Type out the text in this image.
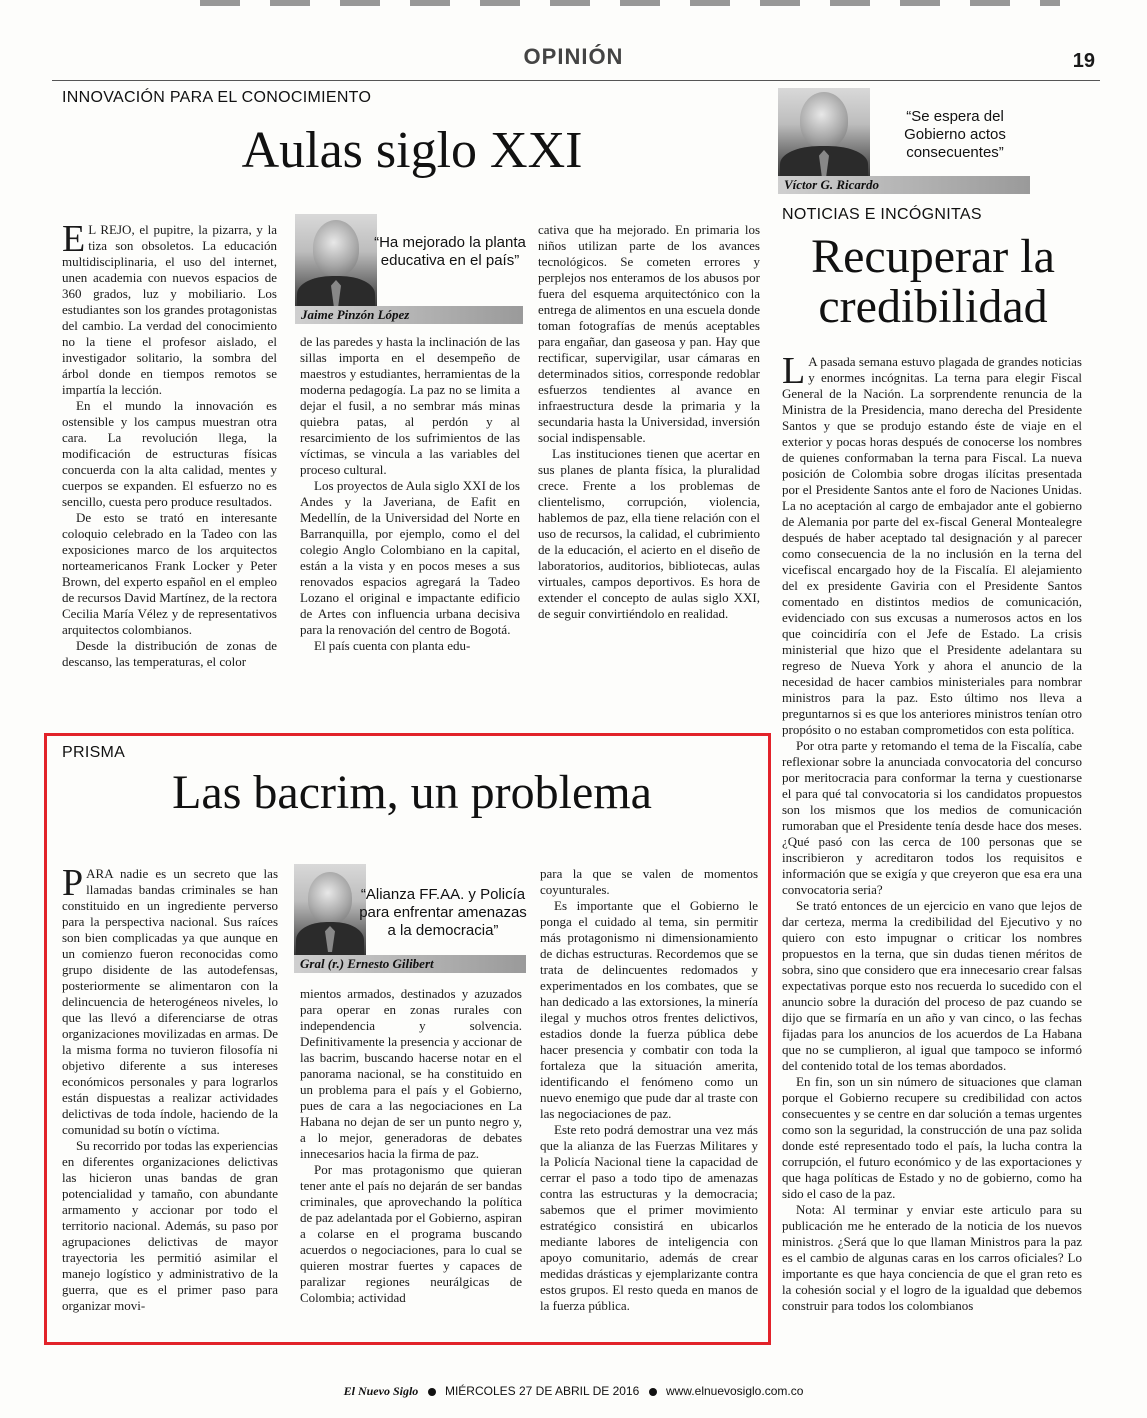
OPINIÓN	19
INNOVACIÓN PARA EL CONOCIMIENTO
Aulas siglo XXI

E L REJO, el pupitre, la pizarra, y la tiza son obsoletos. La educación multidisciplinaria, el uso del internet, unen academia con nuevos espacios de 360 grados, luz y mobiliario. Los estudiantes son los grandes protagonistas del cambio. La verdad del conocimiento no la tiene el profesor aislado, el investigador solitario, la sombra del árbol donde en tiempos remotos se impartía la lección.

En el mundo la innovación es ostensible y los campus muestran otra cara. La revolución llega, la modificación de estructuras físicas concuerda con la alta calidad, mentes y cuerpos se expanden. El esfuerzo no es sencillo, cuesta pero produce resultados.

De esto se trató en interesante coloquio celebrado en la Tadeo con las exposiciones marco de los arquitectos norteamericanos Frank Locker y Peter Brown, del experto español en el empleo de recursos David Martínez, de la rectora Cecilia María Vélez y de representativos arquitectos colombianos.

Desde la distribución de zonas de descanso, las temperaturas, el color

Jaime Pinzón López
“Ha mejorado la planta educativa en el país”

de las paredes y hasta la inclinación de las sillas importa en el desempeño de maestros y estudiantes, herramientas de la moderna pedagogía. La paz no se limita a dejar el fusil, a no sembrar más minas quiebra patas, al perdón y al resarcimiento de los sufrimientos de las víctimas, se vincula a las variables del proceso cultural.

Los proyectos de Aula siglo XXI de los Andes y la Javeriana, de Eafit en Medellín, de la Universidad del Norte en Barranquilla, por ejemplo, como el del colegio Anglo Colombiano en la capital, están a la vista y en pocos meses a sus renovados espacios agregará la Tadeo Lozano el original e impactante edificio de Artes con influencia urbana decisiva para la renovación del centro de Bogotá.

El país cuenta con planta edu-

cativa que ha mejorado. En primaria los niños utilizan parte de los avances tecnológicos. Se cometen errores y perplejos nos enteramos de los abusos por fuera del esquema arquitectónico con la entrega de alimentos en una escuela donde toman fotografías de menús aceptables para engañar, dan gaseosa y pan. Hay que rectificar, supervigilar, usar cámaras en determinados sitios, corresponde redoblar esfuerzos tendientes al avance en infraestructura desde la primaria y la secundaria hasta la Universidad, inversión social indispensable.

Las instituciones tienen que acertar en sus planes de planta física, la pluralidad crece. Frente a los problemas de clientelismo, corrupción, violencia, hablemos de paz, ella tiene relación con el uso de recursos, la calidad, el cubrimiento de la educación, el acierto en el diseño de laboratorios, auditorios, bibliotecas, aulas virtuales, campos deportivos. Es hora de extender el concepto de aulas siglo XXI, de seguir convirtiéndolo en realidad.

Víctor G. Ricardo
“Se espera del Gobierno actos consecuentes”
NOTICIAS E INCÓGNITAS
Recuperar la
credibilidad

L A pasada semana estuvo plagada de grandes noticias y enormes incógnitas. La terna para elegir Fiscal General de la Nación. La sorprendente renuncia de la Ministra de la Presidencia, mano derecha del Presidente Santos y que se produjo estando éste de viaje en el exterior y pocas horas después de conocerse los nombres de quienes conformaban la terna para Fiscal. La nueva posición de Colombia sobre drogas ilícitas presentada por el Presidente Santos ante el foro de Naciones Unidas. La no aceptación al cargo de embajador ante el gobierno de Alemania por parte del ex-fiscal General Montealegre después de haber aceptado tal designación y al parecer como consecuencia de la no inclusión en la terna del vicefiscal encargado hoy de la Fiscalía. El alejamiento del ex presidente Gaviria con el Presidente Santos comentado en distintos medios de comunicación, evidenciado con sus excusas a numerosos actos en los que coincidiría con el Jefe de Estado. La crisis ministerial que hizo que el Presidente adelantara su regreso de Nueva York y ahora el anuncio de la necesidad de hacer cambios ministeriales para nombrar ministros para la paz. Esto último nos lleva a preguntarnos si es que los anteriores ministros tenían otro propósito o no estaban comprometidos con esta política.

Por otra parte y retomando el tema de la Fiscalía, cabe reflexionar sobre la anunciada convocatoria del concurso por meritocracia para conformar la terna y cuestionarse el para qué tal convocatoria si los candidatos propuestos son los mismos que los medios de comunicación rumoraban que el Presidente tenía desde hace dos meses. ¿Qué pasó con las cerca de 100 personas que se inscribieron y acreditaron todos los requisitos e información que se exigía y que creyeron que esa era una convocatoria seria?

Se trató entonces de un ejercicio en vano que lejos de dar certeza, merma la credibilidad del Ejecutivo y no quiero con esto impugnar o criticar los nombres propuestos en la terna, que sin dudas tienen méritos de sobra, sino que considero que era innecesario crear falsas expectativas porque esto nos recuerda lo sucedido con el anuncio sobre la duración del proceso de paz cuando se dijo que se firmaría en un año y van cinco, o las fechas fijadas para los anuncios de los acuerdos de La Habana que no se cumplieron, al igual que tampoco se informó del contenido total de los temas abordados.

En fin, son un sin número de situaciones que claman porque el Gobierno recupere su credibilidad con actos consecuentes y se centre en dar solución a temas urgentes como son la seguridad, la construcción de una paz solida donde esté representado todo el país, la lucha contra la corrupción, el futuro económico y de las exportaciones y que haga políticas de Estado y no de gobierno, como ha sido el caso de la paz.

Nota: Al terminar y enviar este articulo para su publicación me he enterado de la noticia de los nuevos ministros. ¿Será que lo que llaman Ministros para la paz es el cambio de algunas caras en los carros oficiales? Lo importante es que haya conciencia de que el gran reto es la cohesión social y el logro de la igualdad que debemos construir para todos los colombianos

PRISMA
Las bacrim, un problema

PARA nadie es un secreto que las llamadas bandas criminales se han constituido en un ingrediente perverso para la perspectiva nacional. Sus raíces son bien complicadas ya que aunque en un comienzo fueron reconocidas como grupo disidente de las autodefensas, posteriormente se alimentaron con la delincuencia de heterogéneos niveles, lo que las llevó a diferenciarse de otras organizaciones movilizadas en armas. De la misma forma no tuvieron filosofía ni objetivo diferente a sus intereses económicos personales y para lograrlos están dispuestas a realizar actividades delictivas de toda índole, haciendo de la comunidad su botín o víctima.

Su recorrido por todas las experiencias en diferentes organizaciones delictivas las hicieron unas bandas de gran potencialidad y tamaño, con abundante armamento y accionar por todo el territorio nacional. Además, su paso por agrupaciones delictivas de mayor trayectoria les permitió asimilar el manejo logístico y administrativo de la guerra, que es el primer paso para organizar movi-

Gral (r.) Ernesto Gilibert
“Alianza FF.AA. y Policía para enfrentar amenazas a la democracia”

mientos armados, destinados y azuzados para operar en zonas rurales con independencia y solvencia. Definitivamente la presencia y accionar de las bacrim, buscando hacerse notar en el panorama nacional, se ha constituido en un problema para el país y el Gobierno, pues de cara a las negociaciones en La Habana no dejan de ser un punto negro y, a lo mejor, generadoras de debates innecesarios hacia la firma de paz.

Por mas protagonismo que quieran tener ante el país no dejarán de ser bandas criminales, que aprovechando la política de paz adelantada por el Gobierno, aspiran a colarse en el programa buscando acuerdos o negociaciones, para lo cual se quieren mostrar fuertes y capaces de paralizar regiones neurálgicas de Colombia; actividad

para la que se valen de momentos coyunturales.

Es importante que el Gobierno le ponga el cuidado al tema, sin permitir más protagonismo ni dimensionamiento de dichas estructuras. Recordemos que se trata de delincuentes redomados y experimentados en los combates, que se han dedicado a las extorsiones, la minería ilegal y muchos otros frentes delictivos, estadios donde la fuerza pública debe hacer presencia y combatir con toda la fortaleza que la situación amerita, identificando el fenómeno como un nuevo enemigo que pude dar al traste con las negociaciones de paz.

Este reto podrá demostrar una vez más que la alianza de las Fuerzas Militares y la Policía Nacional tiene la capacidad de cerrar el paso a todo tipo de amenazas contra las estructuras y la democracia; sabemos que el primer movimiento estratégico consistirá en ubicarlos mediante labores de inteligencia con apoyo comunitario, además de crear medidas drásticas y ejemplarizante contra estos grupos. El resto queda en manos de la fuerza pública.

El Nuevo Siglo MIÉRCOLES 27 DE ABRIL DE 2016 www.elnuevosiglo.com.co
